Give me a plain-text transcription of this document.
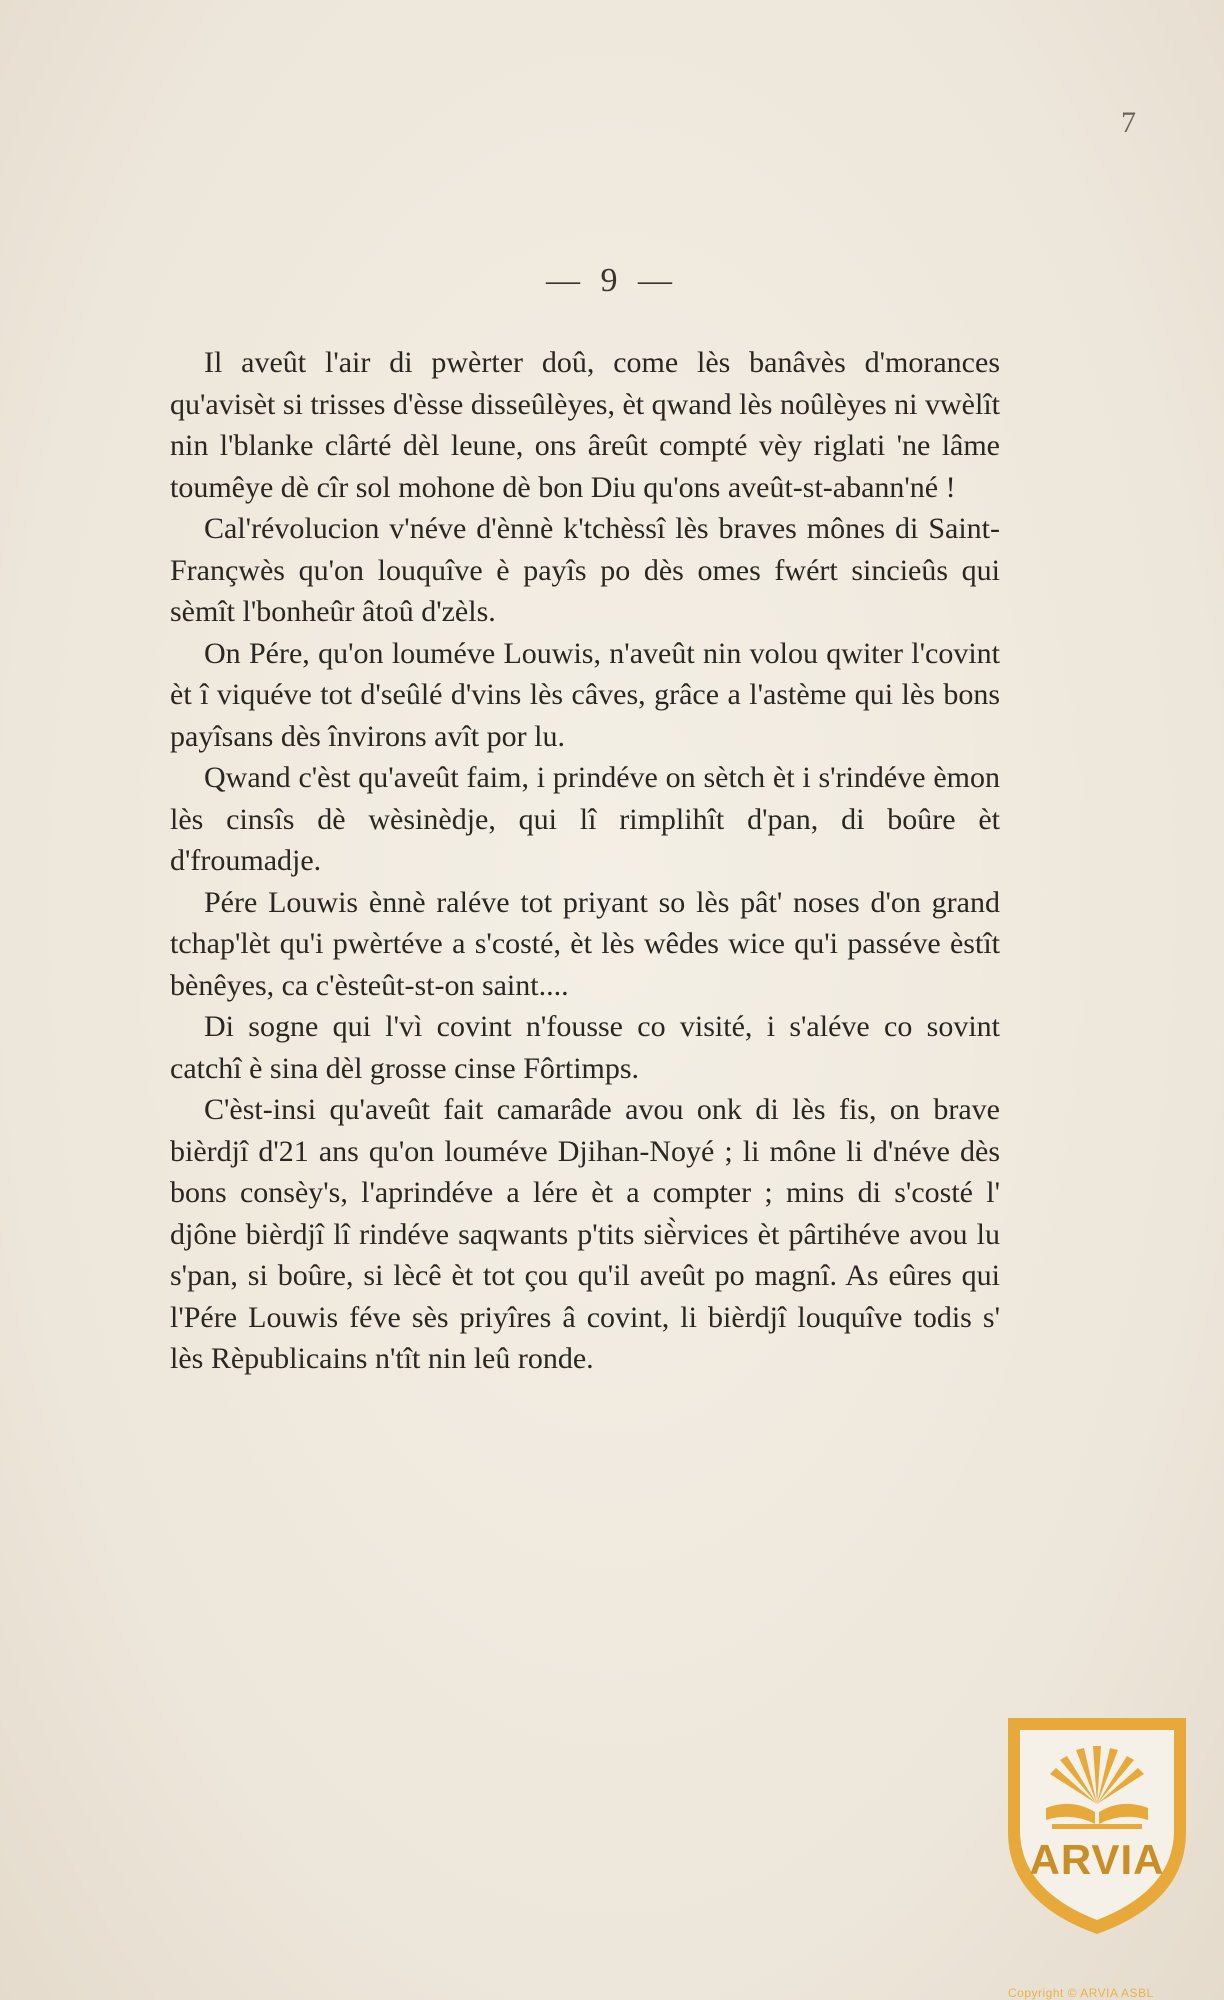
7
— 9 —

Il aveût l'air di pwèrter doû, come lès banâvès d'morances qu'avisèt si trisses d'èsse disseûlèyes, èt qwand lès noûlèyes ni vwèlît nin l'blanke clârté dèl leune, ons âreût compté vèy riglati 'ne lâme toumêye dè cîr sol mohone dè bon Diu qu'ons aveût-st-abann'né !

Cal'révolucion v'néve d'ènnè k'tchèssî lès braves mônes di Saint-Françwès qu'on louquîve è payîs po dès omes fwért sincieûs qui sèmît l'bonheûr âtoû d'zèls.

On Pére, qu'on louméve Louwis, n'aveût nin volou qwiter l'covint èt î viquéve tot d'seûlé d'vins lès câves, grâce a l'astème qui lès bons payîsans dès învirons avît por lu.

Qwand c'èst qu'aveût faim, i prindéve on sètch èt i s'rindéve èmon lès cinsîs dè wèsinèdje, qui lî rimplihît d'pan, di boûre èt d'froumadje.

Pére Louwis ènnè raléve tot priyant so lès pât' noses d'on grand tchap'lèt qu'i pwèrtéve a s'costé, èt lès wêdes wice qu'i passéve èstît bènêyes, ca c'èsteût-st-on saint....

Di sogne qui l'vì covint n'fousse co visité, i s'aléve co sovint catchî è sina dèl grosse cinse Fôrtimps.

C'èst-insi qu'aveût fait camarâde avou onk di lès fis, on brave bièrdjî d'21 ans qu'on louméve Djihan-Noyé ; li mône li d'néve dès bons consèy's, l'aprindéve a lére èt a compter ; mins di s'costé l' djône bièrdjî lî rindéve saqwants p'tits siè̀rvices èt pârtihéve avou lu s'pan, si boûre, si lècê èt tot çou qu'il aveût po magnî. As eûres qui l'Pére Louwis féve sès priyîres â covint, li bièrdjî louquîve todis s' lès Rèpublicains n'tît nin leû ronde.

ARVIA
Copyright © ARVIA ASBL
